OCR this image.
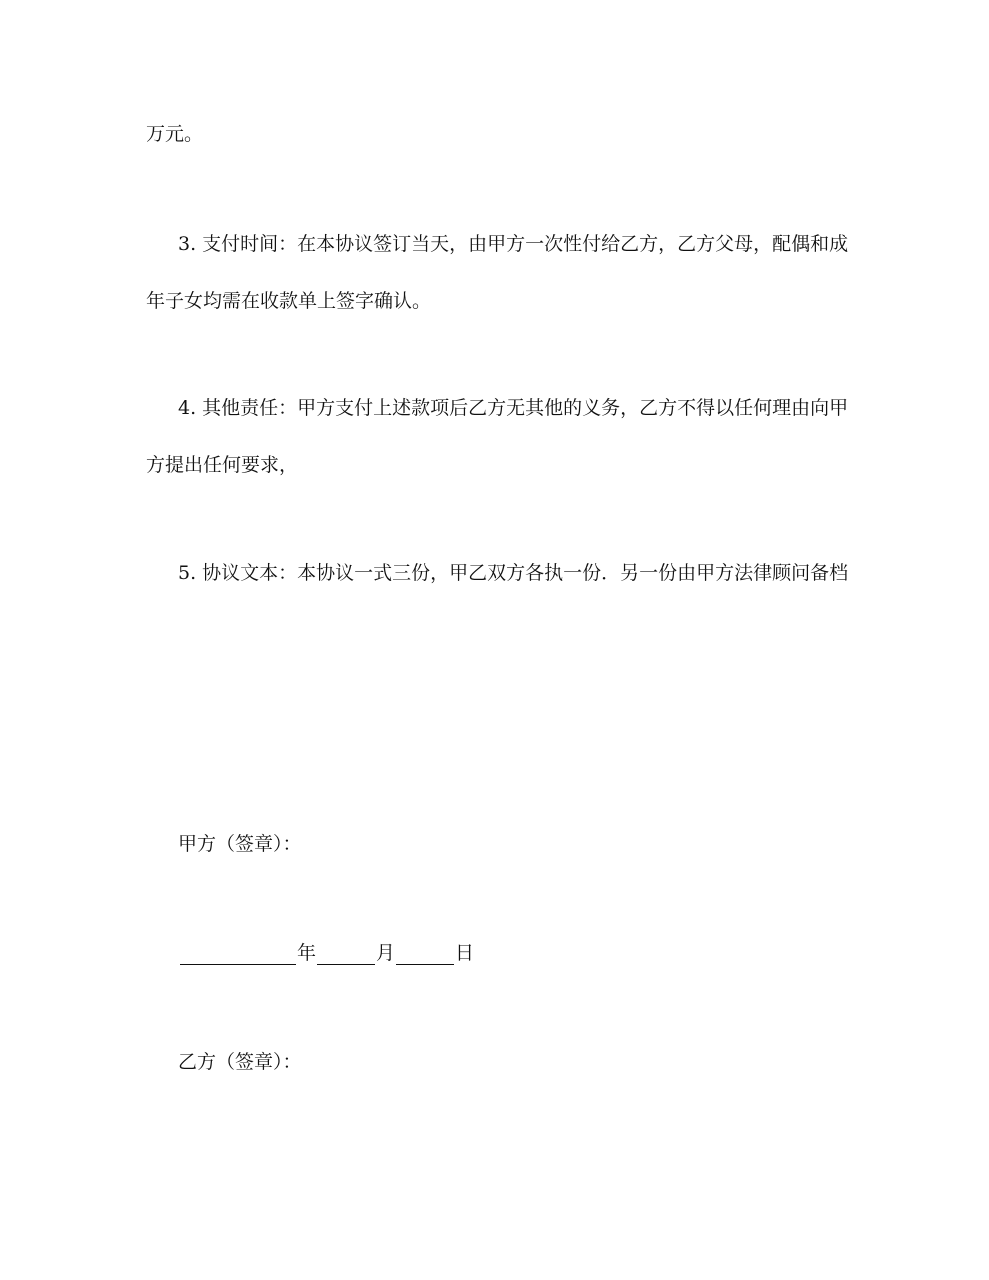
万元。
3. 支付时间：在本协议签订当天，由甲方一次性付给乙方，乙方父母，配偶和成
年子女均需在收款单上签字确认。
4. 其他责任：甲方支付上述款项后乙方无其他的义务，乙方不得以任何理由向甲
方提出任何要求，
5. 协议文本：本协议一式三份，甲乙双方各执一份．另一份由甲方法律顾问备档
甲方（签章）：
年	月	日
乙方（签章）：
